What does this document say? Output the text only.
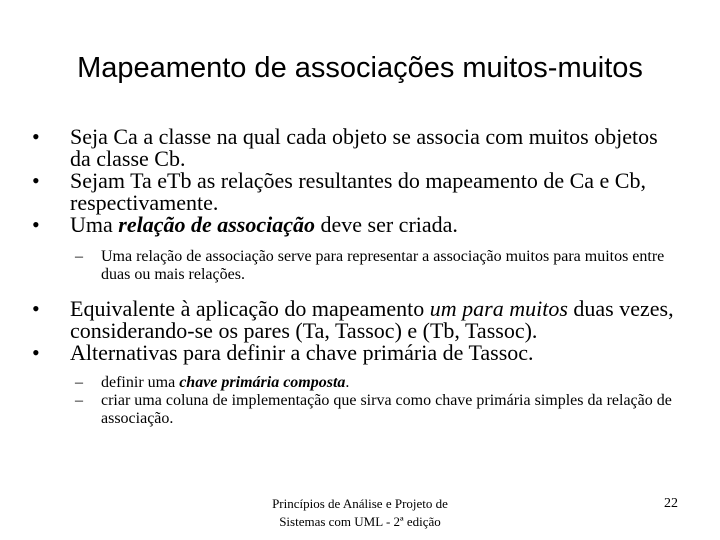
Mapeamento de associações muitos-muitos
• Seja Ca a classe na qual cada objeto se associa com muitos objetos da classe Cb.
• Sejam Ta eTb as relações resultantes do mapeamento de Ca e Cb, respectivamente.
• Uma relação de associação deve ser criada.
– Uma relação de associação serve para representar a associação muitos para muitos entre duas ou mais relações.
• Equivalente à aplicação do mapeamento um para muitos duas vezes, considerando-se os pares (Ta, Tassoc) e (Tb, Tassoc).
• Alternativas para definir a chave primária de Tassoc.
– definir uma chave primária composta.
– criar uma coluna de implementação que sirva como chave primária simples da relação de associação.
Princípios de Análise e Projeto de
Sistemas com UML - 2ª edição
22
